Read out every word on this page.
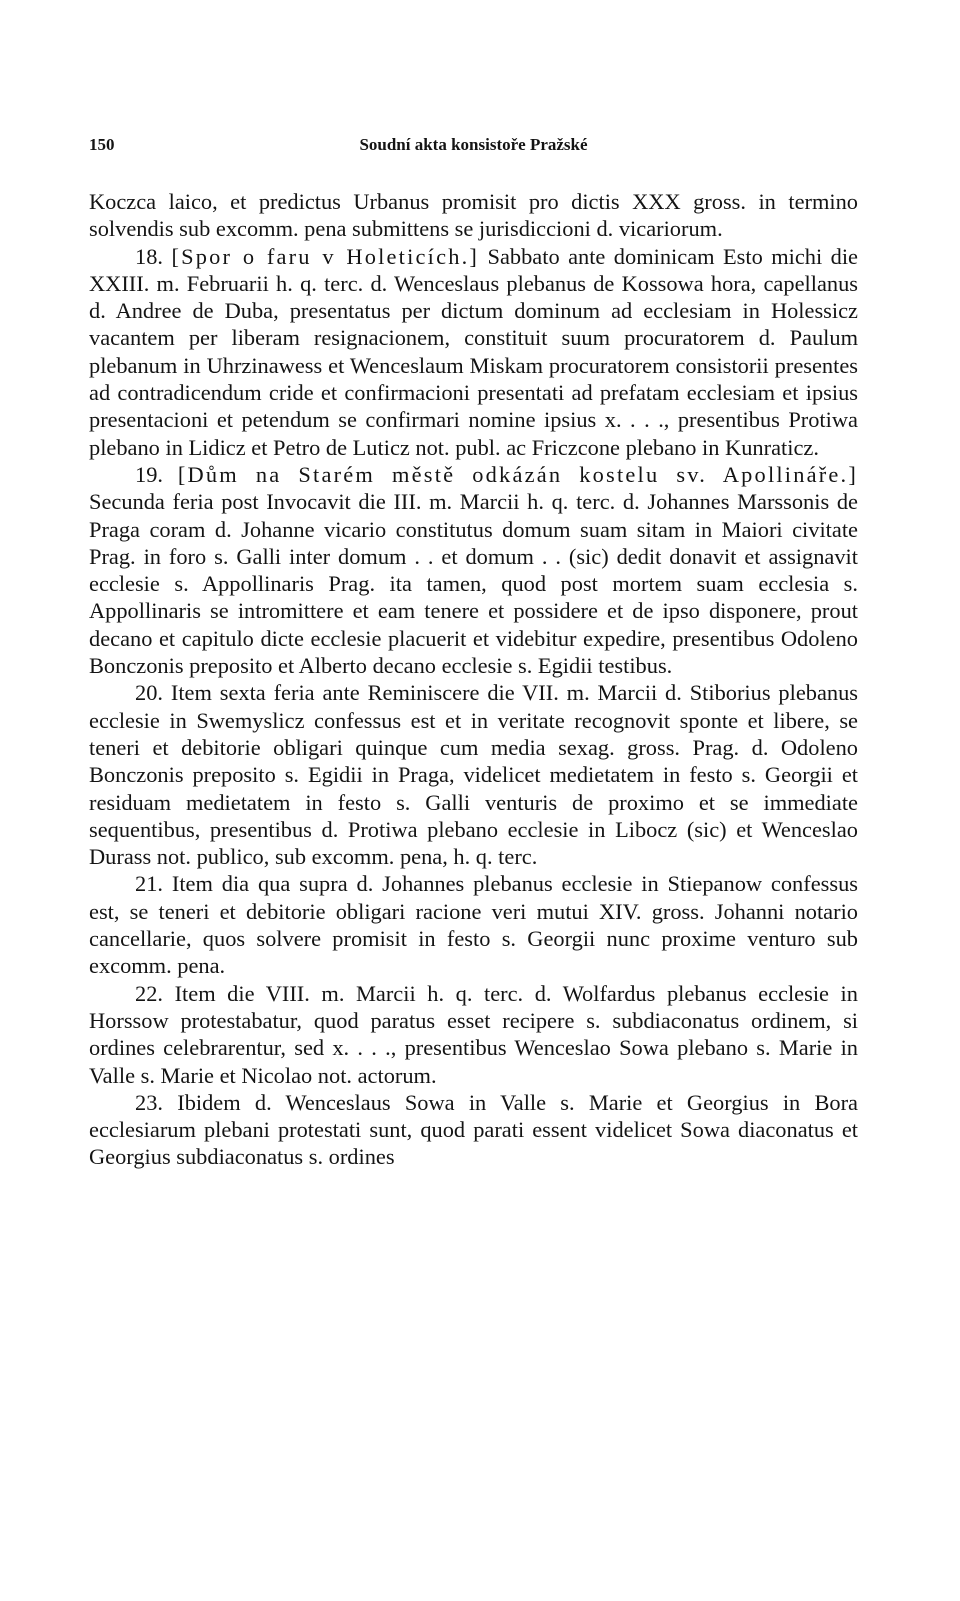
150	Soudní akta konsistoře Pražské

Koczca laico, et predictus Urbanus promisit pro dictis XXX gross. in termino solvendis sub excomm. pena submittens se jurisdiccioni d. vicariorum.

18. [Spor o faru v Holeticích.] Sabbato ante dominicam Esto michi die XXIII. m. Februarii h. q. terc. d. Wenceslaus plebanus de Kossowa hora, capellanus d. Andree de Duba, presentatus per dictum dominum ad ecclesiam in Holessicz vacantem per liberam resignacionem, constituit suum procuratorem d. Paulum plebanum in Uhrzinawess et Wenceslaum Miskam procuratorem consistorii presentes ad contradicendum cride et confirmacioni presentati ad prefatam ecclesiam et ipsius presentacioni et petendum se confirmari nomine ipsius x. . . ., presentibus Protiwa plebano in Lidicz et Petro de Luticz not. publ. ac Friczcone plebano in Kunraticz.

19. [Dům na Starém městě odkázán kostelu sv. Apollináře.] Secunda feria post Invocavit die III. m. Marcii h. q. terc. d. Johannes Marssonis de Praga coram d. Johanne vicario constitutus domum suam sitam in Maiori civitate Prag. in foro s. Galli inter domum . . et domum . . (sic) dedit donavit et assignavit ecclesie s. Appollinaris Prag. ita tamen, quod post mortem suam ecclesia s. Appollinaris se intromittere et eam tenere et possidere et de ipso disponere, prout decano et capitulo dicte ecclesie placuerit et videbitur expedire, presentibus Odoleno Bonczonis preposito et Alberto decano ecclesie s. Egidii testibus.

20. Item sexta feria ante Reminiscere die VII. m. Marcii d. Stiborius plebanus ecclesie in Swemyslicz confessus est et in veritate recognovit sponte et libere, se teneri et debitorie obligari quinque cum media sexag. gross. Prag. d. Odoleno Bonczonis preposito s. Egidii in Praga, videlicet medietatem in festo s. Georgii et residuam medietatem in festo s. Galli venturis de proximo et se immediate sequentibus, presentibus d. Protiwa plebano ecclesie in Libocz (sic) et Wenceslao Durass not. publico, sub excomm. pena, h. q. terc.

21. Item dia qua supra d. Johannes plebanus ecclesie in Stiepanow confessus est, se teneri et debitorie obligari racione veri mutui XIV. gross. Johanni notario cancellarie, quos solvere promisit in festo s. Georgii nunc proxime venturo sub excomm. pena.

22. Item die VIII. m. Marcii h. q. terc. d. Wolfardus plebanus ecclesie in Horssow protestabatur, quod paratus esset recipere s. subdiaconatus ordinem, si ordines celebrarentur, sed x. . . ., presentibus Wenceslao Sowa plebano s. Marie in Valle s. Marie et Nicolao not. actorum.

23. Ibidem d. Wenceslaus Sowa in Valle s. Marie et Georgius in Bora ecclesiarum plebani protestati sunt, quod parati essent videlicet Sowa diaconatus et Georgius subdiaconatus s. ordines
